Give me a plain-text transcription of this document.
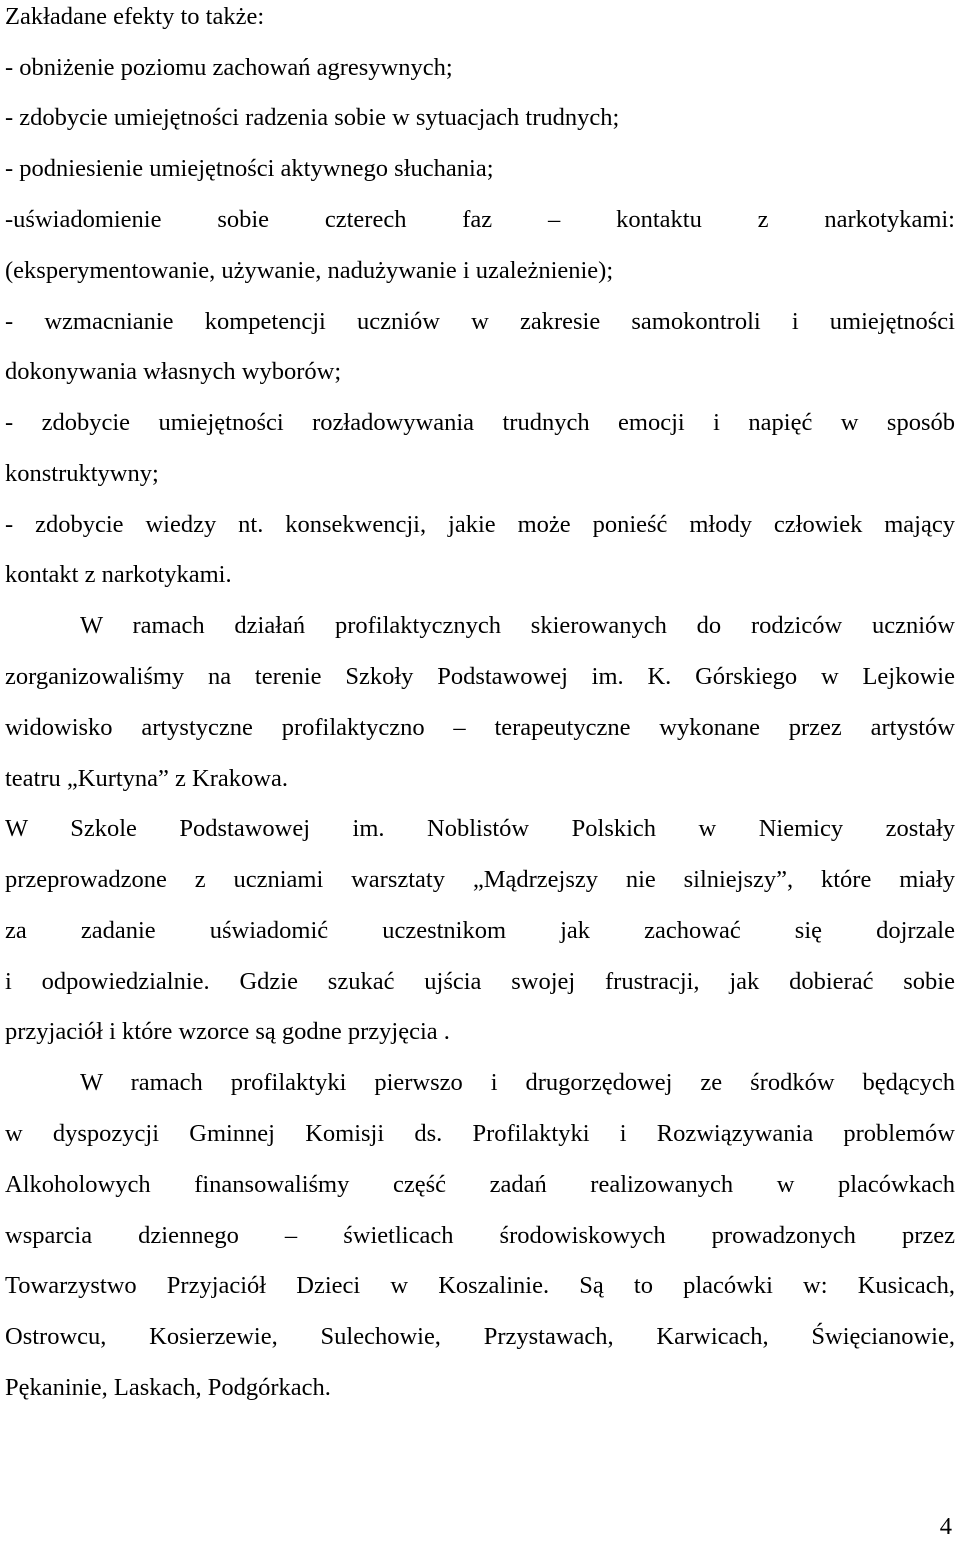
Zakładane efekty to także:
- obniżenie poziomu zachowań agresywnych;
- zdobycie umiejętności radzenia sobie w sytuacjach trudnych;
- podniesienie umiejętności aktywnego słuchania;
-uświadomienie sobie czterech faz – kontaktu z narkotykami:
(eksperymentowanie, używanie, nadużywanie i uzależnienie);
- wzmacnianie kompetencji uczniów w zakresie samokontroli i umiejętności
dokonywania własnych wyborów;
- zdobycie umiejętności rozładowywania trudnych emocji i napięć w sposób
konstruktywny;
- zdobycie wiedzy nt. konsekwencji, jakie może ponieść młody człowiek mający
kontakt z narkotykami.
W ramach działań profilaktycznych skierowanych do rodziców uczniów
zorganizowaliśmy na terenie Szkoły Podstawowej im. K. Górskiego w Lejkowie
widowisko artystyczne profilaktyczno – terapeutyczne wykonane przez artystów
teatru „Kurtyna” z Krakowa.
W Szkole Podstawowej im. Noblistów Polskich w Niemicy zostały
przeprowadzone z uczniami warsztaty „Mądrzejszy nie silniejszy”, które miały
za zadanie uświadomić uczestnikom jak zachować się dojrzale
i odpowiedzialnie. Gdzie szukać ujścia swojej frustracji, jak dobierać sobie
przyjaciół i które wzorce są godne przyjęcia .
W ramach profilaktyki pierwszo i drugorzędowej ze środków będących
w dyspozycji Gminnej Komisji ds. Profilaktyki i Rozwiązywania problemów
Alkoholowych finansowaliśmy część zadań realizowanych w placówkach
wsparcia dziennego – świetlicach środowiskowych prowadzonych przez
Towarzystwo Przyjaciół Dzieci w Koszalinie. Są to placówki w: Kusicach,
Ostrowcu, Kosierzewie, Sulechowie, Przystawach, Karwicach, Święcianowie,
Pękaninie, Laskach, Podgórkach.
4
